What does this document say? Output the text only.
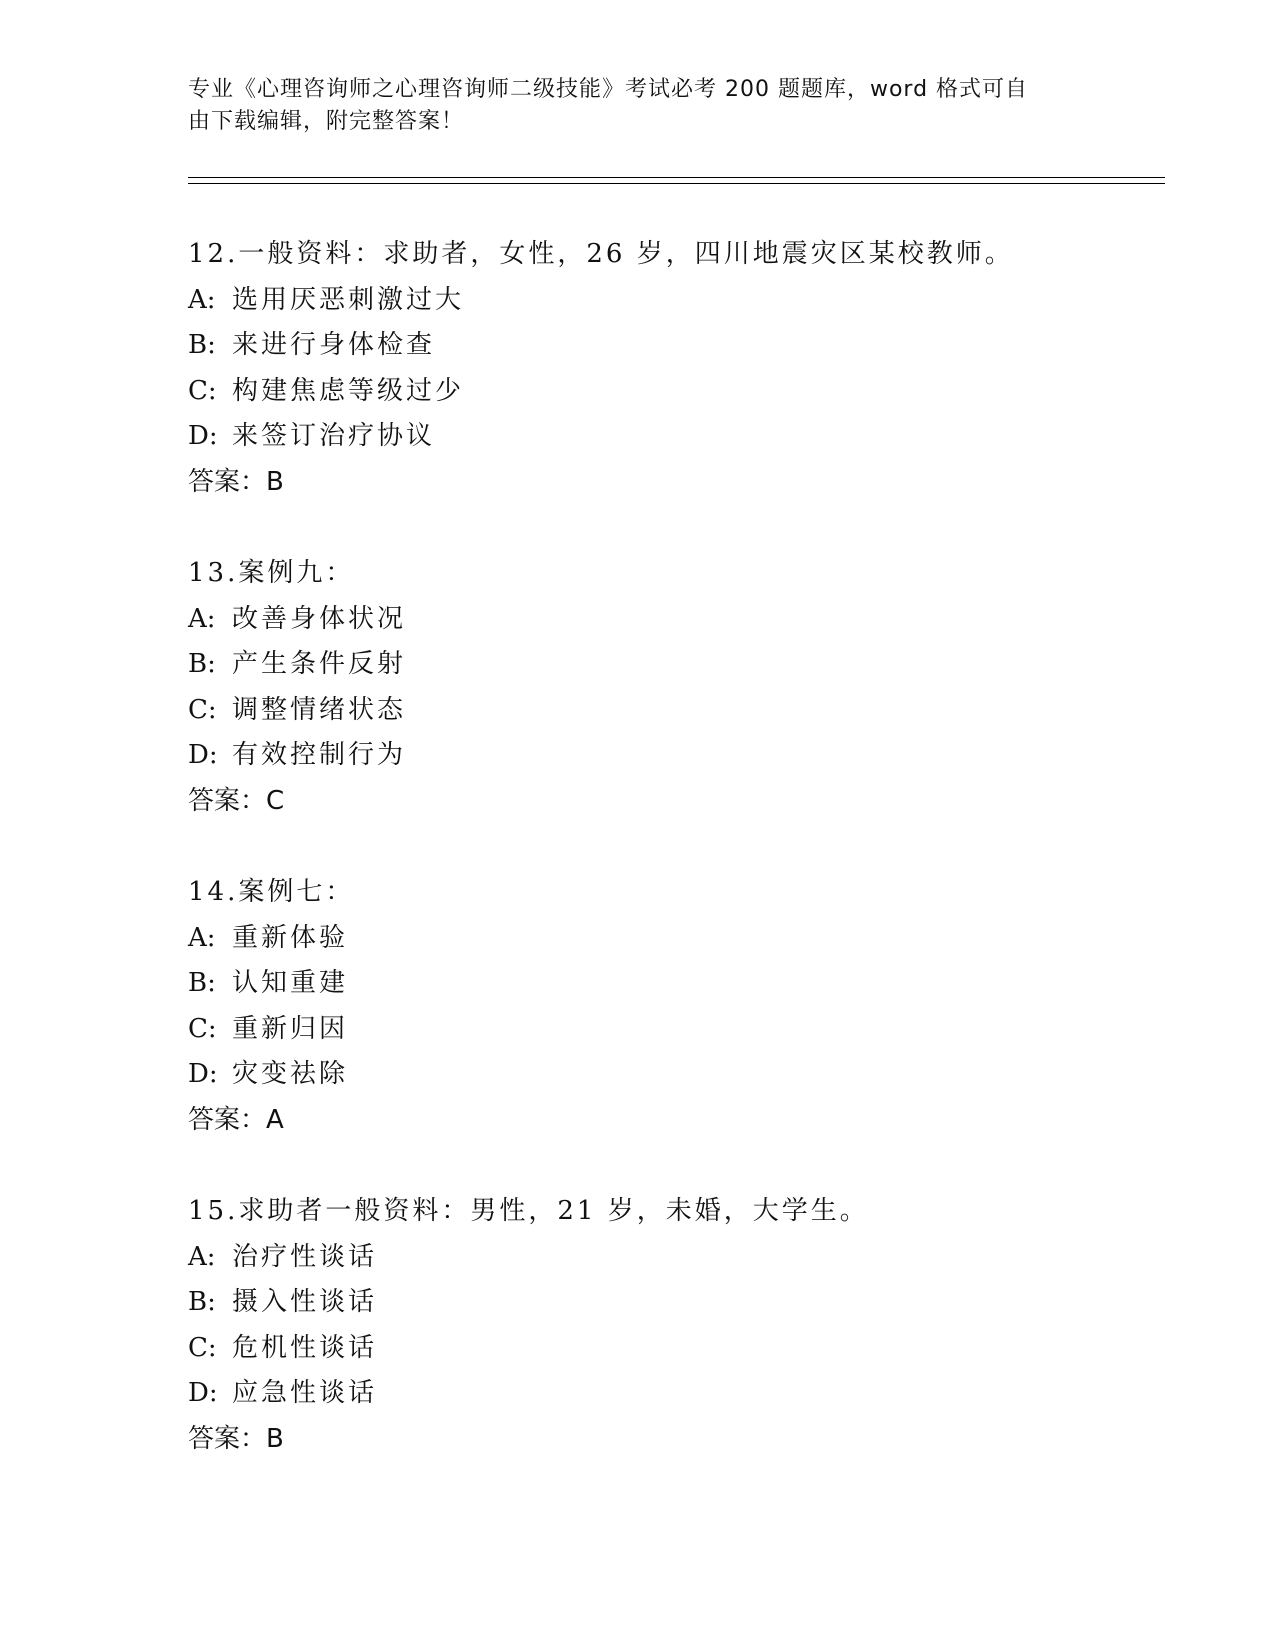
专业《心理咨询师之心理咨询师二级技能》考试必考 200 题题库，word 格式可自
由下载编辑，附完整答案！
12.一般资料：求助者，女性，26 岁，四川地震灾区某校教师。
A: 选用厌恶刺激过大
B: 来进行身体检查
C: 构建焦虑等级过少
D: 来签订治疗协议
答案：B
13.案例九：
A: 改善身体状况
B: 产生条件反射
C: 调整情绪状态
D: 有效控制行为
答案：C
14.案例七：
A: 重新体验
B: 认知重建
C: 重新归因
D: 灾变祛除
答案：A
15.求助者一般资料：男性，21 岁，未婚，大学生。
A: 治疗性谈话
B: 摄入性谈话
C: 危机性谈话
D: 应急性谈话
答案：B
